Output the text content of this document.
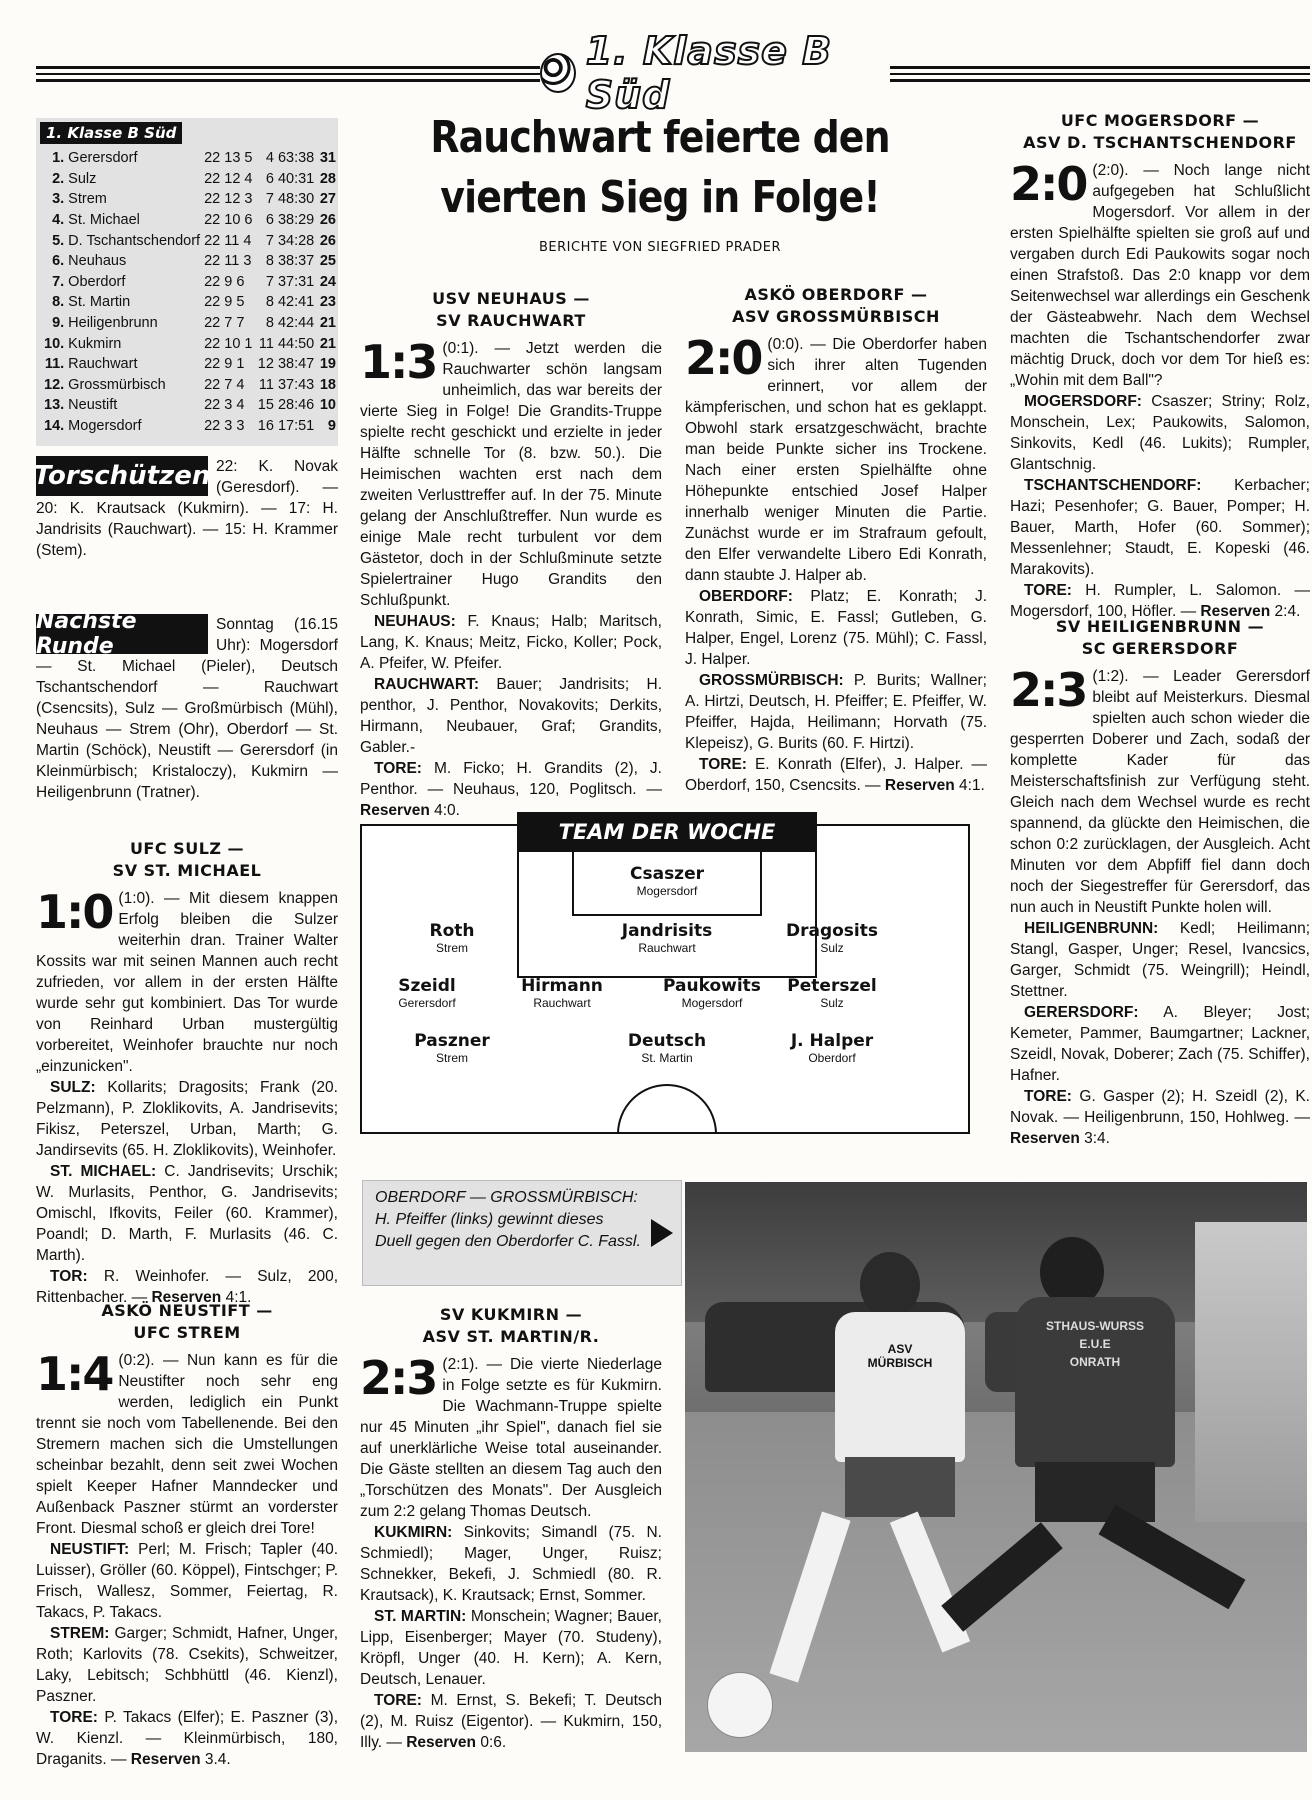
1. Klasse B Süd
1. Klasse B Süd
1.	Gerersdorf	22 13 5	4 63:38	31
2.	Sulz	22 12 4	6 40:31	28
3.	Strem	22 12 3	7 48:30	27
4.	St. Michael	22 10 6	6 38:29	26
5.	D. Tschantschendorf	22 11 4	7 34:28	26
6.	Neuhaus	22 11 3	8 38:37	25
7.	Oberdorf	22 9 6	7 37:31	24
8.	St. Martin	22 9 5	8 42:41	23
9.	Heiligenbrunn	22 7 7	8 42:44	21
10.	Kukmirn	22 10 1	11 44:50	21
11.	Rauchwart	22 9 1	12 38:47	19
12.	Grossmürbisch	22 7 4	11 37:43	18
13.	Neustift	22 3 4	15 28:46	10
14.	Mogersdorf	22 3 3	16 17:51	9
Torschützen 22: K. Novak (Geresdorf). — 20: K. Krautsack (Kukmirn). — 17: H. Jandrisits (Rauchwart). — 15: H. Krammer (Stem).

Nächste Runde

Sonntag (16.15 Uhr): Mogersdorf — St. Michael (Pieler), Deutsch Tschantschendorf — Rauchwart (Csencsits), Sulz — Großmürbisch (Mühl), Neuhaus — Strem (Ohr), Oberdorf — St. Martin (Schöck), Neustift — Gerersdorf (in Kleinmürbisch; Kristaloczy), Kukmirn — Heiligenbrunn (Tratner).

Rauchwart feierte den
vierten Sieg in Folge!
BERICHTE VON SIEGFRIED PRADER
UFC SULZ —
SV ST. MICHAEL

1:0 (1:0). — Mit diesem knappen Erfolg bleiben die Sulzer weiterhin dran. Trainer Walter Kossits war mit seinen Mannen auch recht zufrieden, vor allem in der ersten Hälfte wurde sehr gut kombiniert. Das Tor wurde von Reinhard Urban mustergültig vorbereitet, Weinhofer brauchte nur noch „einzunicken".

SULZ: Kollarits; Dragosits; Frank (20. Pelzmann), P. Zloklikovits, A. Jandrisevits; Fikisz, Peterszel, Urban, Marth; G. Jandirsevits (65. H. Zloklikovits), Weinhofer.

ST. MICHAEL: C. Jandrisevits; Urschik; W. Murlasits, Penthor, G. Jandrisevits; Omischl, Ifkovits, Feiler (60. Krammer), Poandl; D. Marth, F. Murlasits (46. C. Marth).

TOR: R. Weinhofer. — Sulz, 200, Rittenbacher. — Reserven 4:1.

ASKÖ NEUSTIFT —
UFC STREM

1:4 (0:2). — Nun kann es für die Neustifter noch sehr eng werden, lediglich ein Punkt trennt sie noch vom Tabellenende. Bei den Stremern machen sich die Umstellungen scheinbar bezahlt, denn seit zwei Wochen spielt Keeper Hafner Manndecker und Außenback Paszner stürmt an vorderster Front. Diesmal schoß er gleich drei Tore!

NEUSTIFT: Perl; M. Frisch; Tapler (40. Luisser), Gröller (60. Köppel), Fintschger; P. Frisch, Wallesz, Sommer, Feiertag, R. Takacs, P. Takacs.

STREM: Garger; Schmidt, Hafner, Unger, Roth; Karlovits (78. Csekits), Schweitzer, Laky, Lebitsch; Schbhüttl (46. Kienzl), Paszner.

TORE: P. Takacs (Elfer); E. Paszner (3), W. Kienzl. — Kleinmürbisch, 180, Draganits. — Reserven 3.4.

USV NEUHAUS —
SV RAUCHWART

1:3 (0:1). — Jetzt werden die Rauchwarter schön langsam unheimlich, das war bereits der vierte Sieg in Folge! Die Grandits-Truppe spielte recht geschickt und erzielte in jeder Hälfte schnelle Tor (8. bzw. 50.). Die Heimischen wachten erst nach dem zweiten Verlusttreffer auf. In der 75. Minute gelang der Anschlußtreffer. Nun wurde es einige Male recht turbulent vor dem Gästetor, doch in der Schlußminute setzte Spielertrainer Hugo Grandits den Schlußpunkt.

NEUHAUS: F. Knaus; Halb; Maritsch, Lang, K. Knaus; Meitz, Ficko, Koller; Pock, A. Pfeifer, W. Pfeifer.

RAUCHWART: Bauer; Jandrisits; H. penthor, J. Penthor, Novakovits; Derkits, Hirmann, Neubauer, Graf; Grandits, Gabler.-

TORE: M. Ficko; H. Grandits (2), J. Penthor. — Neuhaus, 120, Poglitsch. — Reserven 4:0.

ASKÖ OBERDORF —
ASV GROSSMÜRBISCH

2:0 (0:0). — Die Oberdorfer haben sich ihrer alten Tugenden erinnert, vor allem der kämpferischen, und schon hat es geklappt. Obwohl stark ersatzgeschwächt, brachte man beide Punkte sicher ins Trockene. Nach einer ersten Spielhälfte ohne Höhepunkte entschied Josef Halper innerhalb weniger Minuten die Partie. Zunächst wurde er im Strafraum gefoult, den Elfer verwandelte Libero Edi Konrath, dann staubte J. Halper ab.

OBERDORF: Platz; E. Konrath; J. Konrath, Simic, E. Fassl; Gutleben, G. Halper, Engel, Lorenz (75. Mühl); C. Fassl, J. Halper.

GROSSMÜRBISCH: P. Burits; Wallner; A. Hirtzi, Deutsch, H. Pfeiffer; E. Pfeiffer, W. Pfeiffer, Hajda, Heilimann; Horvath (75. Klepeisz), G. Burits (60. F. Hirtzi).

TORE: E. Konrath (Elfer), J. Halper. — Oberdorf, 150, Csencsits. — Reserven 4:1.

UFC MOGERSDORF —
ASV D. TSCHANTSCHENDORF

2:0 (2:0). — Noch lange nicht aufgegeben hat Schlußlicht Mogersdorf. Vor allem in der ersten Spielhälfte spielten sie groß auf und vergaben durch Edi Paukowits sogar noch einen Strafstoß. Das 2:0 knapp vor dem Seitenwechsel war allerdings ein Geschenk der Gästeabwehr. Nach dem Wechsel machten die Tschantschendorfer zwar mächtig Druck, doch vor dem Tor hieß es: „Wohin mit dem Ball"?

MOGERSDORF: Csaszer; Striny; Rolz, Monschein, Lex; Paukowits, Salomon, Sinkovits, Kedl (46. Lukits); Rumpler, Glantschnig.

TSCHANTSCHENDORF: Kerbacher; Hazi; Pesenhofer; G. Bauer, Pomper; H. Bauer, Marth, Hofer (60. Sommer); Messenlehner; Staudt, E. Kopeski (46. Marakovits).

TORE: H. Rumpler, L. Salomon. — Mogersdorf, 100, Höfler. — Reserven 2:4.

SV HEILIGENBRUNN —
SC GERERSDORF

2:3 (1:2). — Leader Gerersdorf bleibt auf Meisterkurs. Diesmal spielten auch schon wieder die gesperrten Doberer und Zach, sodaß der komplette Kader für das Meisterschaftsfinish zur Verfügung steht. Gleich nach dem Wechsel wurde es recht spannend, da glückte den Heimischen, die schon 0:2 zurücklagen, der Ausgleich. Acht Minuten vor dem Abpfiff fiel dann doch noch der Siegestreffer für Gerersdorf, das nun auch in Neustift Punkte holen will.

HEILIGENBRUNN: Kedl; Heilimann; Stangl, Gasper, Unger; Resel, Ivancsics, Garger, Schmidt (75. Weingrill); Heindl, Stettner.

GERERSDORF: A. Bleyer; Jost; Kemeter, Pammer, Baumgartner; Lackner, Szeidl, Novak, Doberer; Zach (75. Schiffer), Hafner.

TORE: G. Gasper (2); H. Szeidl (2), K. Novak. — Heiligenbrunn, 150, Hohlweg. — Reserven 3:4.

SV KUKMIRN —
ASV ST. MARTIN/R.

2:3 (2:1). — Die vierte Niederlage in Folge setzte es für Kukmirn. Die Wachmann-Truppe spielte nur 45 Minuten „ihr Spiel", danach fiel sie auf unerklärliche Weise total auseinander. Die Gäste stellten an diesem Tag auch den „Torschützen des Monats". Der Ausgleich zum 2:2 gelang Thomas Deutsch.

KUKMIRN: Sinkovits; Simandl (75. N. Schmiedl); Mager, Unger, Ruisz; Schnekker, Bekefi, J. Schmiedl (80. R. Krautsack), K. Krautsack; Ernst, Sommer.

ST. MARTIN: Monschein; Wagner; Bauer, Lipp, Eisenberger; Mayer (70. Studeny), Kröpfl, Unger (40. H. Kern); A. Kern, Deutsch, Lenauer.

TORE: M. Ernst, S. Bekefi; T. Deutsch (2), M. Ruisz (Eigentor). — Kukmirn, 150, Illy. — Reserven 0:6.

TEAM DER WOCHE
Csaszer
Mogersdorf
Roth
Strem
Jandrisits
Rauchwart
Dragosits
Sulz
Szeidl
Gerersdorf
Hirmann
Rauchwart
Paukowits
Mogersdorf
Peterszel
Sulz
Paszner
Strem
Deutsch
St. Martin
J. Halper
Oberdorf

OBERDORF — GROSSMÜRBISCH: H. Pfeiffer (links) gewinnt dieses Duell gegen den Oberdorfer C. Fassl.

ASV
MÜRBISCH
STHAUS-WURSS
E.U.E
ONRATH
